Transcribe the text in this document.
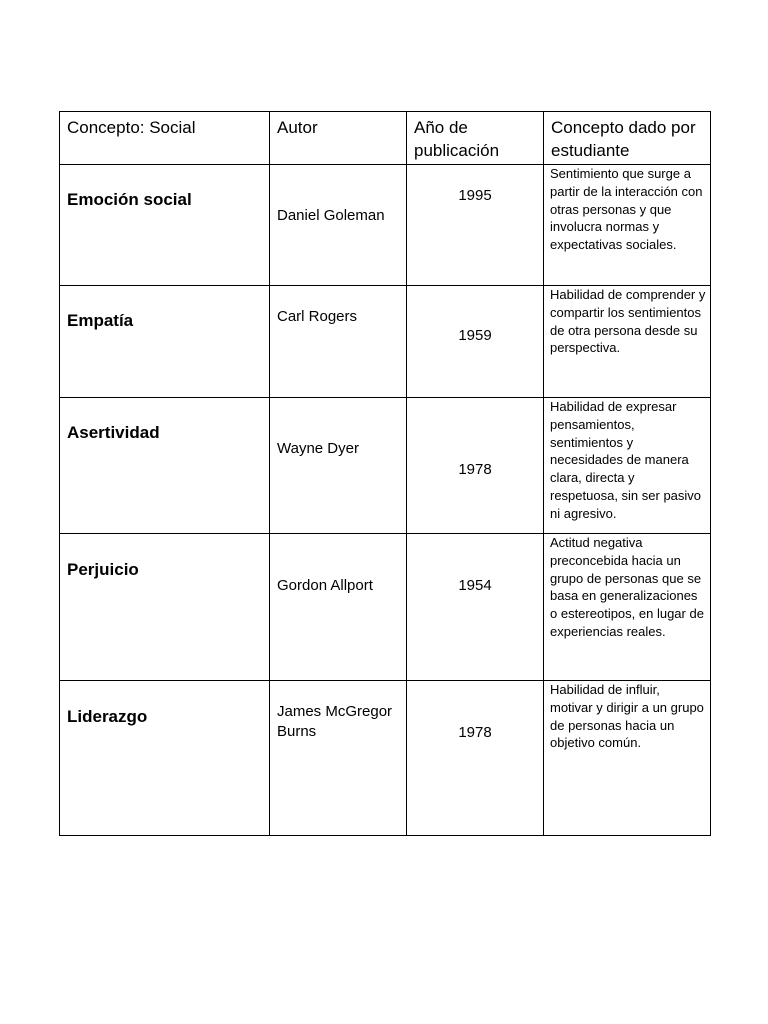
Concepto: Social	Autor	Año de publicación	Concepto dado por estudiante

Emoción social	Daniel Goleman	1995	Sentimiento que surge a partir de la interacción con otras personas y que involucra normas y expectativas sociales.

Empatía	Carl Rogers	1959	Habilidad de comprender y compartir los sentimientos de otra persona desde su perspectiva.

Asertividad	Wayne Dyer	1978	Habilidad de expresar pensamientos, sentimientos y necesidades de manera clara, directa y respetuosa, sin ser pasivo ni agresivo.

Perjuicio	Gordon Allport	1954	Actitud negativa preconcebida hacia un grupo de personas que se basa en generalizaciones o estereotipos, en lugar de experiencias reales.

Liderazgo	James McGregor Burns	1978	Habilidad de influir, motivar y dirigir a un grupo de personas hacia un objetivo común.
